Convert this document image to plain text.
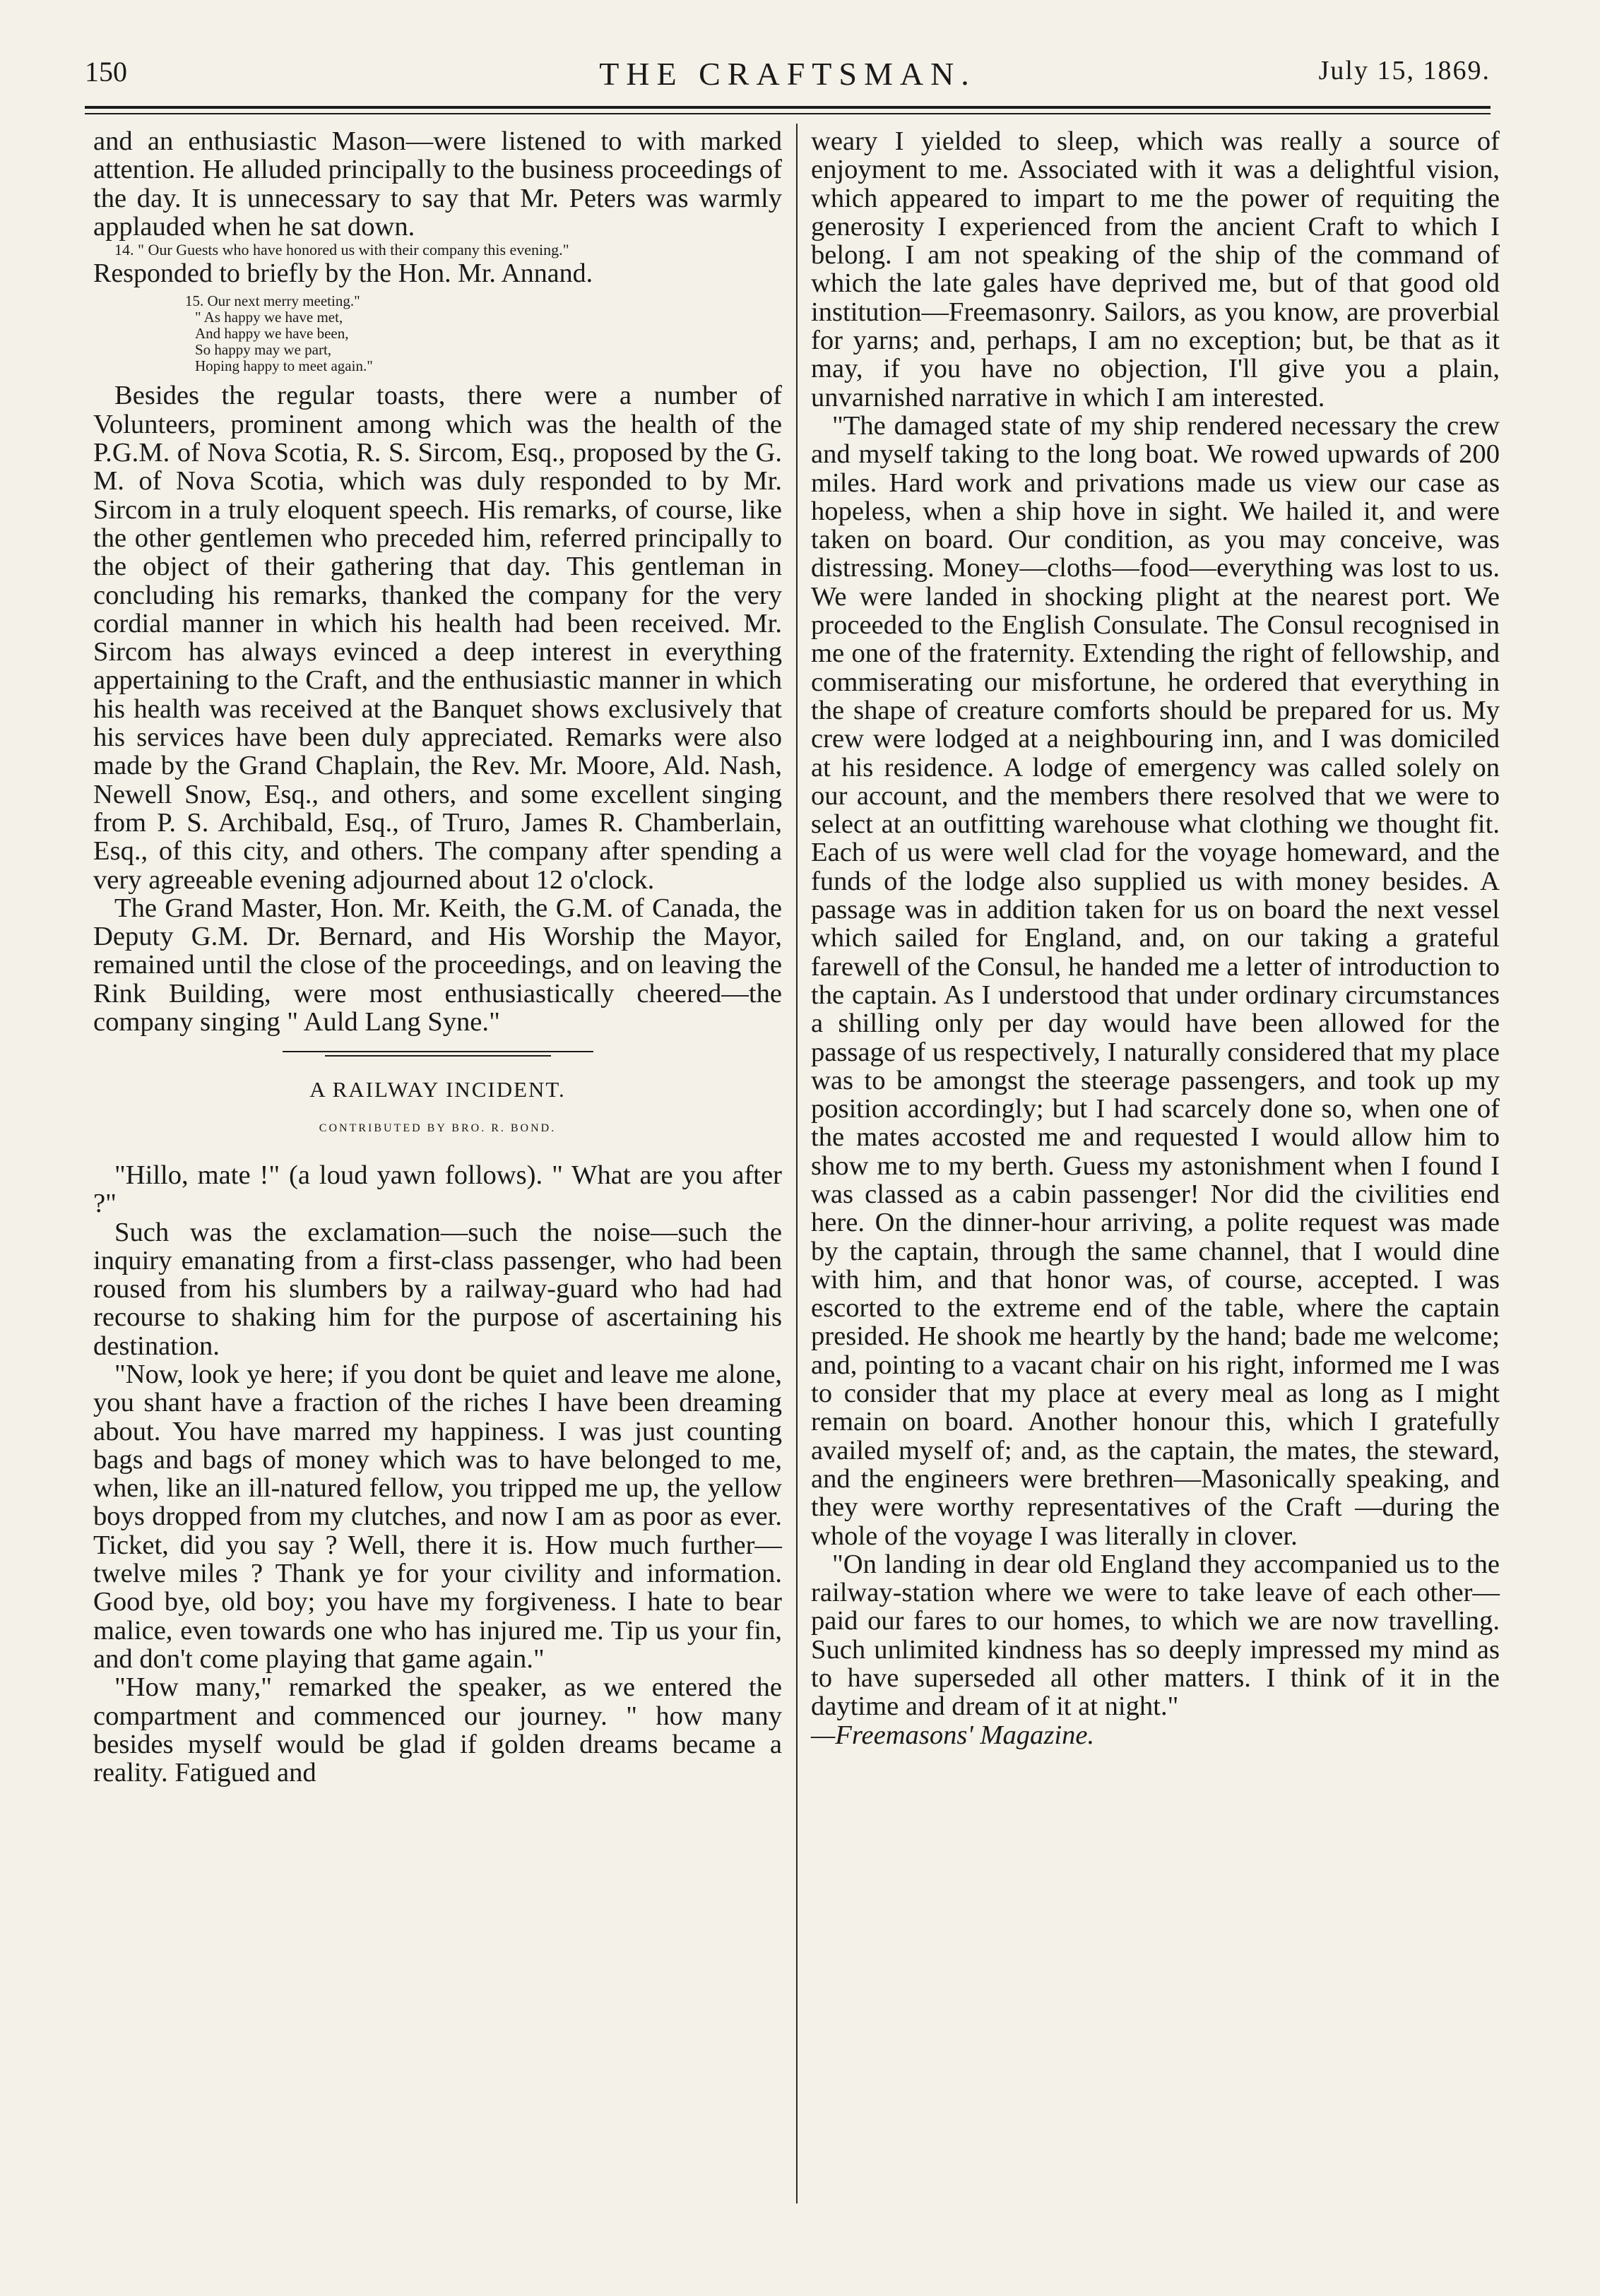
150	THE CRAFTSMAN.	July 15, 1869.

and an enthusiastic Mason—were listened to with marked attention. He alluded principally to the business proceedings of the day. It is unnecessary to say that Mr. Peters was warmly applauded when he sat down.

14. " Our Guests who have honored us with their company this evening."

Responded to briefly by the Hon. Mr. Annand.

15. Our next merry meeting."
" As happy we have met,
And happy we have been,
So happy may we part,
Hoping happy to meet again."

Besides the regular toasts, there were a number of Volunteers, prominent among which was the health of the P.G.M. of Nova Scotia, R. S. Sircom, Esq., proposed by the G. M. of Nova Scotia, which was duly responded to by Mr. Sircom in a truly eloquent speech. His remarks, of course, like the other gentlemen who preceded him, referred principally to the object of their gathering that day. This gentleman in concluding his remarks, thanked the company for the very cordial manner in which his health had been received. Mr. Sircom has always evinced a deep interest in everything appertaining to the Craft, and the enthusiastic manner in which his health was received at the Banquet shows exclusively that his services have been duly appreciated. Remarks were also made by the Grand Chaplain, the Rev. Mr. Moore, Ald. Nash, Newell Snow, Esq., and others, and some excellent singing from P. S. Archibald, Esq., of Truro, James R. Chamberlain, Esq., of this city, and others. The company after spending a very agreeable evening adjourned about 12 o'clock.

The Grand Master, Hon. Mr. Keith, the G.M. of Canada, the Deputy G.M. Dr. Bernard, and His Worship the Mayor, remained until the close of the proceedings, and on leaving the Rink Building, were most enthusiastically cheered—the company singing " Auld Lang Syne."

A RAILWAY INCIDENT.
CONTRIBUTED BY BRO. R. BOND.

"Hillo, mate !" (a loud yawn follows). " What are you after ?"

Such was the exclamation—such the noise—such the inquiry emanating from a first-class passenger, who had been roused from his slumbers by a railway-guard who had had recourse to shaking him for the purpose of ascertaining his destination.

"Now, look ye here; if you dont be quiet and leave me alone, you shant have a fraction of the riches I have been dreaming about. You have marred my happiness. I was just counting bags and bags of money which was to have belonged to me, when, like an ill-natured fellow, you tripped me up, the yellow boys dropped from my clutches, and now I am as poor as ever. Ticket, did you say ? Well, there it is. How much further—twelve miles ? Thank ye for your civility and information. Good bye, old boy; you have my forgiveness. I hate to bear malice, even towards one who has injured me. Tip us your fin, and don't come playing that game again."

"How many," remarked the speaker, as we entered the compartment and commenced our journey. " how many besides myself would be glad if golden dreams became a reality. Fatigued and

weary I yielded to sleep, which was really a source of enjoyment to me. Associated with it was a delightful vision, which appeared to impart to me the power of requiting the generosity I experienced from the ancient Craft to which I belong. I am not speaking of the ship of the command of which the late gales have deprived me, but of that good old institution—Freemasonry. Sailors, as you know, are proverbial for yarns; and, perhaps, I am no exception; but, be that as it may, if you have no objection, I'll give you a plain, unvarnished narrative in which I am interested.

"The damaged state of my ship rendered necessary the crew and myself taking to the long boat. We rowed upwards of 200 miles. Hard work and privations made us view our case as hopeless, when a ship hove in sight. We hailed it, and were taken on board. Our condition, as you may conceive, was distressing. Money—cloths—food—everything was lost to us. We were landed in shocking plight at the nearest port. We proceeded to the English Consulate. The Consul recognised in me one of the fraternity. Extending the right of fellowship, and commiserating our misfortune, he ordered that everything in the shape of creature comforts should be prepared for us. My crew were lodged at a neighbouring inn, and I was domiciled at his residence. A lodge of emergency was called solely on our account, and the members there resolved that we were to select at an outfitting warehouse what clothing we thought fit. Each of us were well clad for the voyage homeward, and the funds of the lodge also supplied us with money besides. A passage was in addition taken for us on board the next vessel which sailed for England, and, on our taking a grateful farewell of the Consul, he handed me a letter of introduction to the captain. As I understood that under ordinary circumstances a shilling only per day would have been allowed for the passage of us respectively, I naturally considered that my place was to be amongst the steerage passengers, and took up my position accordingly; but I had scarcely done so, when one of the mates accosted me and requested I would allow him to show me to my berth. Guess my astonishment when I found I was classed as a cabin passenger! Nor did the civilities end here. On the dinner-hour arriving, a polite request was made by the captain, through the same channel, that I would dine with him, and that honor was, of course, accepted. I was escorted to the extreme end of the table, where the captain presided. He shook me heartly by the hand; bade me welcome; and, pointing to a vacant chair on his right, informed me I was to consider that my place at every meal as long as I might remain on board. Another honour this, which I gratefully availed myself of; and, as the captain, the mates, the steward, and the engineers were brethren—Masonically speaking, and they were worthy representatives of the Craft —during the whole of the voyage I was literally in clover.

"On landing in dear old England they accompanied us to the railway-station where we were to take leave of each other—paid our fares to our homes, to which we are now travelling. Such unlimited kindness has so deeply impressed my mind as to have superseded all other matters. I think of it in the daytime and dream of it at night."

—Freemasons' Magazine.
